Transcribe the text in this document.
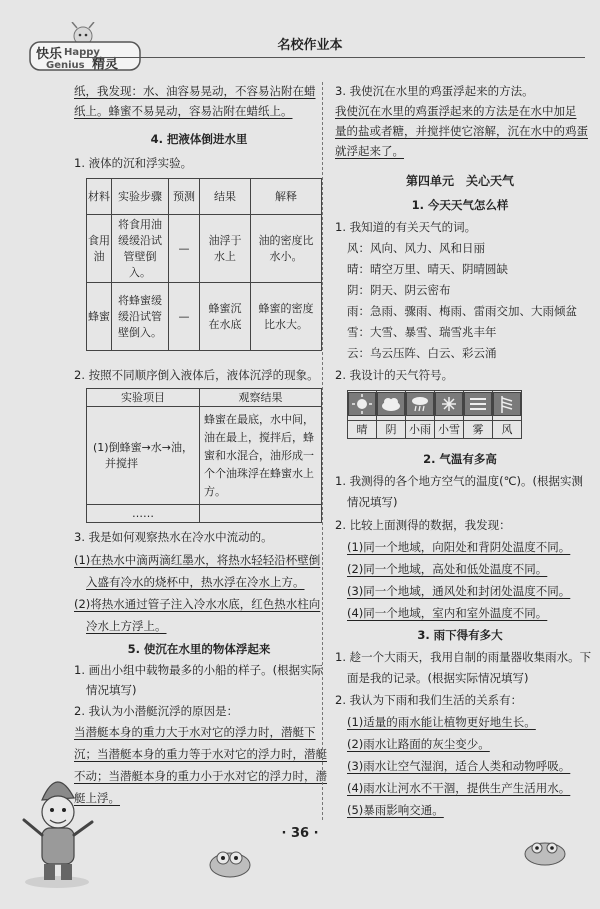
快乐 Happy
Genius 精灵
名校作业本
纸，我发现：水、油容易晃动，不容易沾附在蜡
纸上。蜂蜜不易晃动，容易沾附在蜡纸上。
4. 把液体倒进水里
1. 液体的沉和浮实验。
材料	实验步骤	预测	结果	解释
食用油	将食用油缓缓沿试管壁倒入。	—	油浮于水上	油的密度比水小。
蜂蜜	将蜂蜜缓缓沿试管壁倒入。	—	蜂蜜沉在水底	蜂蜜的密度比水大。
2. 按照不同顺序倒入液体后，液体沉浮的现象。
实验项目	观察结果

(1)倒蜂蜜→水→油，
并搅拌	蜂蜜在最底，水中间，油在最上，搅拌后，蜂蜜和水混合，油形成一个个油珠浮在蜂蜜水上方。
……	
3. 我是如何观察热水在冷水中流动的。
(1)在热水中滴两滴红墨水，将热水轻轻沿杯壁倒
入盛有冷水的烧杯中，热水浮在冷水上方。
(2)将热水通过管子注入冷水水底，红色热水柱向
冷水上方浮上。
5. 使沉在水里的物体浮起来
1. 画出小组中载物最多的小船的样子。(根据实际
情况填写)
2. 我认为小潜艇沉浮的原因是：
当潜艇本身的重力大于水对它的浮力时，潜艇下
沉；当潜艇本身的重力等于水对它的浮力时，潜艇
不动；当潜艇本身的重力小于水对它的浮力时，潜
艇上浮。
3. 我使沉在水里的鸡蛋浮起来的方法。
我使沉在水里的鸡蛋浮起来的方法是在水中加足
量的盐或者糖，并搅拌使它溶解，沉在水中的鸡蛋
就浮起来了。
第四单元　关心天气
1. 今天天气怎么样
1. 我知道的有关天气的词。
风：风向、风力、风和日丽
晴：晴空万里、晴天、阴晴圆缺
阴：阴天、阴云密布
雨：急雨、骤雨、梅雨、雷雨交加、大雨倾盆
雪：大雪、暴雪、瑞雪兆丰年
云：乌云压阵、白云、彩云涌
2. 我设计的天气符号。

晴	阴	小雨	小雪	雾	风
2. 气温有多高
1. 我测得的各个地方空气的温度(℃)。(根据实测
情况填写)
2. 比较上面测得的数据，我发现：
(1)同一个地域，向阳处和背阴处温度不同。
(2)同一个地域，高处和低处温度不同。
(3)同一个地域，通风处和封闭处温度不同。
(4)同一个地域，室内和室外温度不同。
3. 雨下得有多大
1. 趁一个大雨天，我用自制的雨量器收集雨水。下
面是我的记录。(根据实际情况填写)
2. 我认为下雨和我们生活的关系有：
(1)适量的雨水能让植物更好地生长。
(2)雨水让路面的灰尘变少。
(3)雨水让空气湿润，适合人类和动物呼吸。
(4)雨水让河水不干涸，提供生产生活用水。
(5)暴雨影响交通。
· 36 ·
